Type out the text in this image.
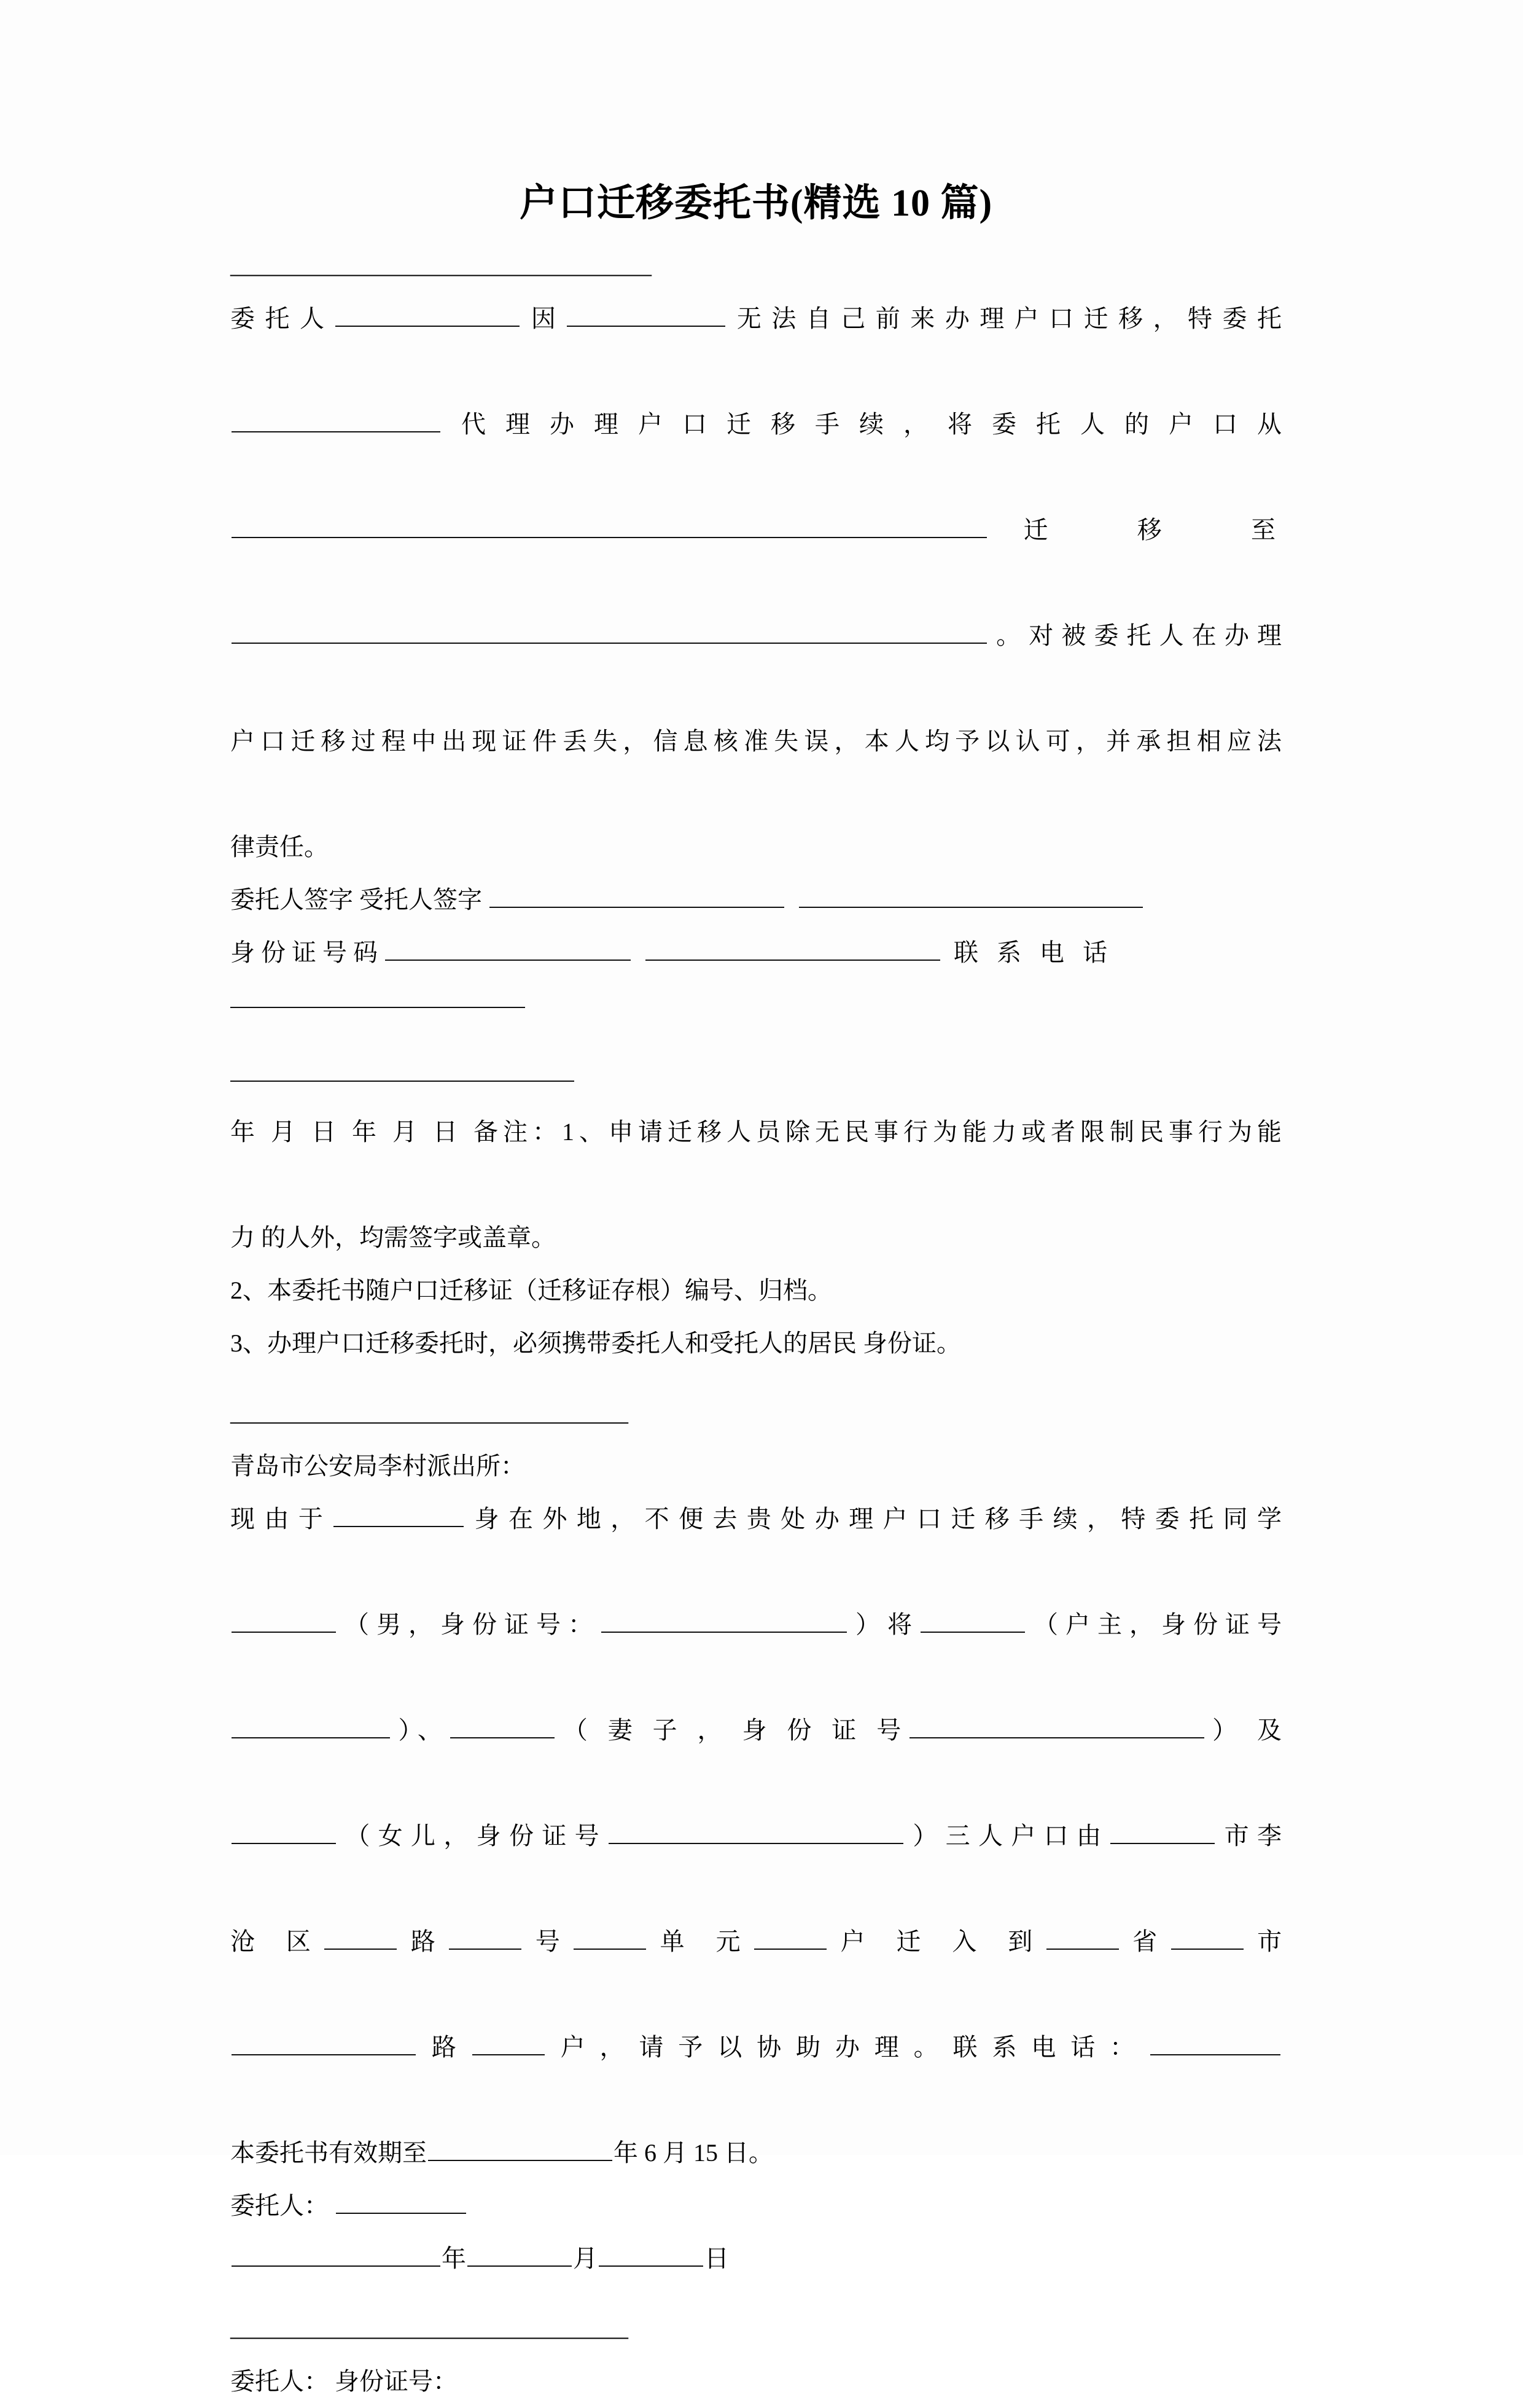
户口迁移委托书(精选 10 篇)
——————————————————
委托人	因	无法自己前来办理户口迁移，特委托
代理办理户口迁移手续，将委托人的户口从
迁 移 至
。对被委托人在办理
户口迁移过程中出现证件丢失，信息核准失误，本人均予以认可，并承担相应法
律责任。
委托人签字 受托人签字
身 份 证 号 码	联 系 电 话
年 月 日 年 月 日 备注：1、申请迁移人员除无民事行为能力或者限制民事行为能
力 的人外，均需签字或盖章。
2、本委托书随户口迁移证（迁移证存根）编号、归档。
3、办理户口迁移委托时，必须携带委托人和受托人的居民 身份证。
—————————————————
青岛市公安局李村派出所：
现由于	身在外地，不便去贵处办理户口迁移手续，特委托同学
（男，身份证号：	）将	（户主，身份证号
）、	（ 妻 子 ， 身 份 证 号	） 及
（女儿，身份证号	）三人户口由	市李
沧 区	路	号	单 元	户 迁 入 到	省	市
路	户，请予以协助办理。联系电话：
本委托书有效期至	年 6 月 15 日。
委托人：
年	月	日
—————————————————
委托人： 身份证号：
